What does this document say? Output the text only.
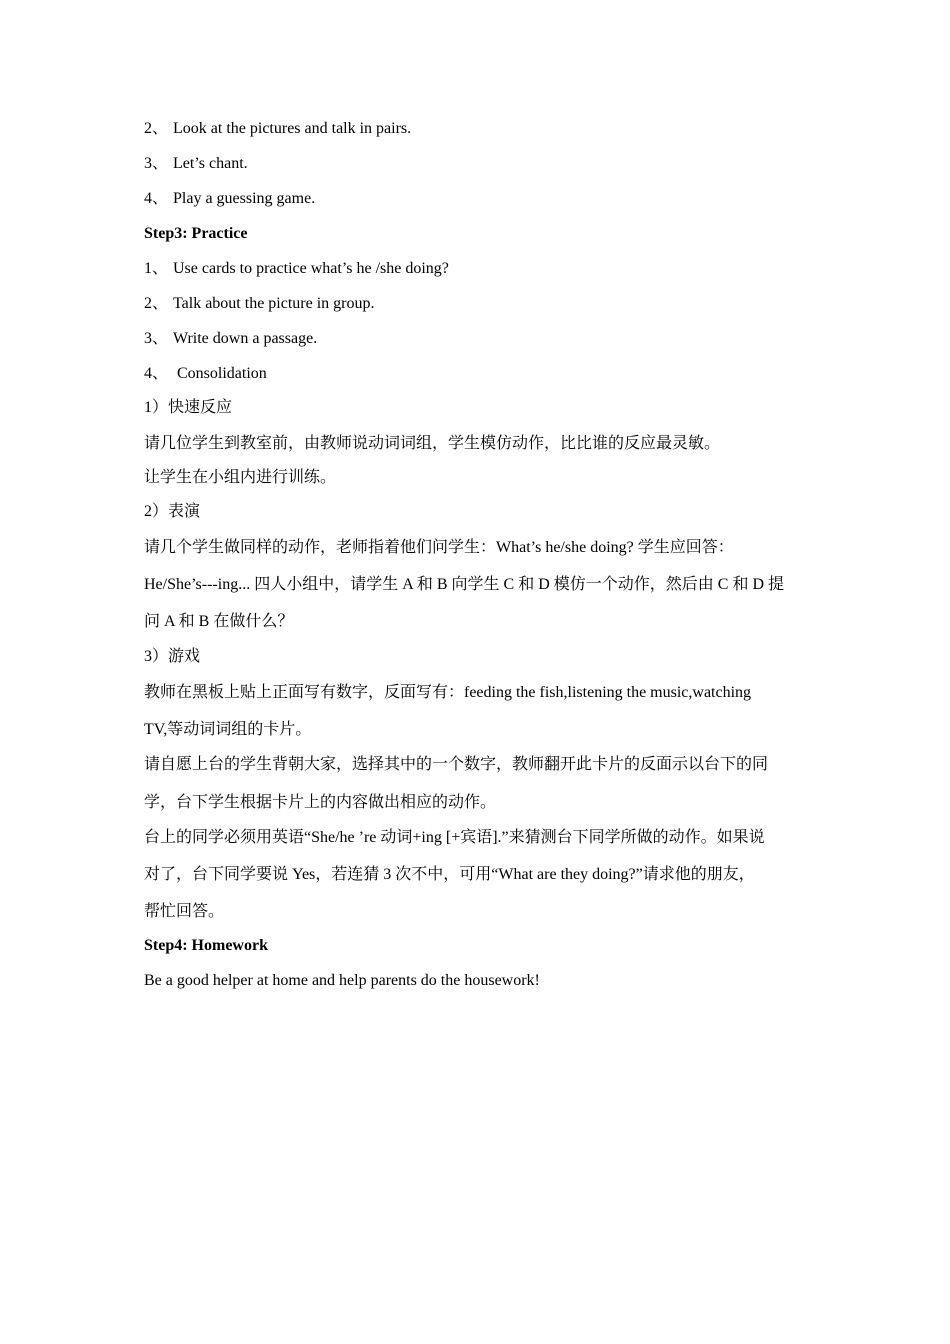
2、 Look at the pictures and talk in pairs.
3、 Let’s chant.
4、 Play a guessing game.
Step3: Practice
1、 Use cards to practice what’s he /she doing?
2、 Talk about the picture in group.
3、 Write down a passage.
4、 Consolidation
1）快速反应
请几位学生到教室前，由教师说动词词组，学生模仿动作，比比谁的反应最灵敏。
让学生在小组内进行训练。
2）表演
请几个学生做同样的动作，老师指着他们问学生：What’s he/she doing? 学生应回答：
He/She’s---ing... 四人小组中，请学生 A 和 B 向学生 C 和 D 模仿一个动作，然后由 C 和 D 提
问 A 和 B 在做什么？
3）游戏
教师在黑板上贴上正面写有数字，反面写有：feeding the fish,listening the music,watching
TV,等动词词组的卡片。
请自愿上台的学生背朝大家，选择其中的一个数字，教师翻开此卡片的反面示以台下的同
学，台下学生根据卡片上的内容做出相应的动作。
台上的同学必须用英语“She/he ’re 动词+ing [+宾语].”来猜测台下同学所做的动作。如果说
对了，台下同学要说 Yes，若连猜 3 次不中，可用“What are they doing?”请求他的朋友，
帮忙回答。
Step4: Homework
Be a good helper at home and help parents do the housework!
